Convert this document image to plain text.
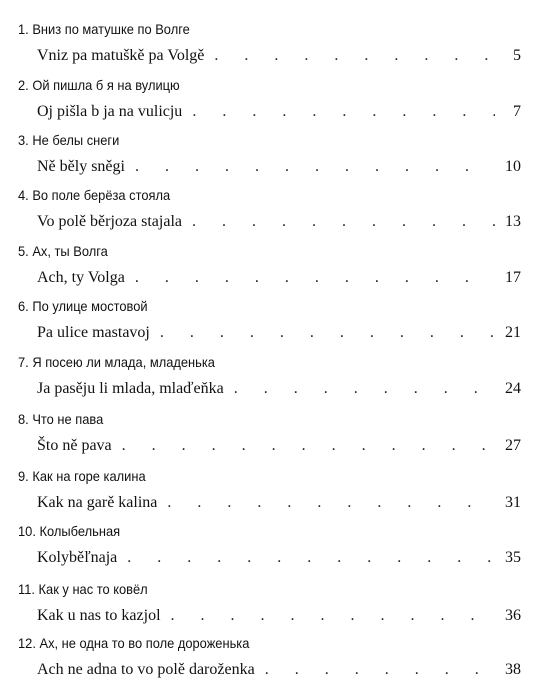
1. Вниз по матушке по Волге
Vniz pa matuškě pa Volgě . . .	5
2. Ой пишла б я на вулицю
Oj pišla b ja na vulicju . . .	7
3. Не белы снеги
Ně běly sněgi . . .	10
4. Во поле берёза стояла
Vo polě běrjoza stajala . . .	13
5. Ах, ты Волга
Ach, ty Volga . . .	17
6. По улице мостовой
Pa ulice mastavoj . . .	21
7. Я посею ли млада, младенька
Ja pasěju li mlada, mlaďeňka . . .	24
8. Что не пава
Što ně pava . . .	27
9. Как на горе калина
Kak na garě kalina . . .	31
10. Колыбельная
Kolyběľnaja . . .	35
11. Как у нас то ковёл
Kak u nas to kazjol . . .	36
12. Ах, не одна то во поле дороженька
Ach ne adna to vo polě daroženka . . .	38
